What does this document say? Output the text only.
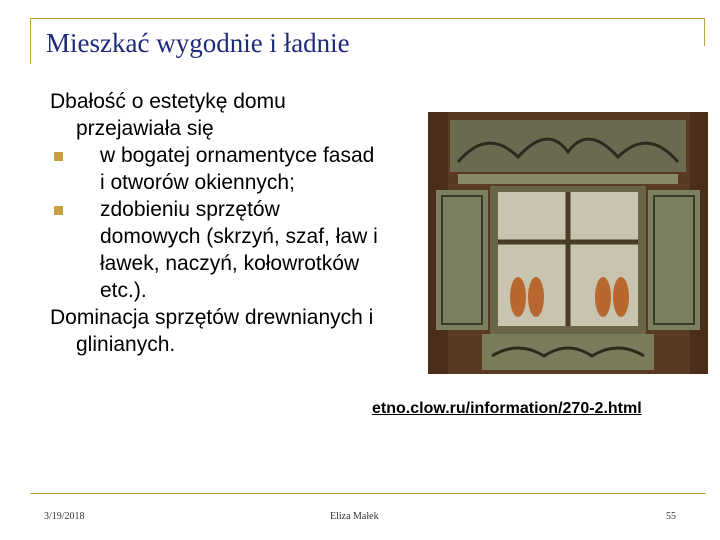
Mieszkać wygodnie i ładnie

Dbałość o estetykę domu przejawiała się

w bogatej ornamentyce fasad i otworów okiennych;
zdobieniu sprzętów domowych (skrzyń, szaf, ław i ławek, naczyń, kołowrotków etc.).

Dominacja sprzętów drewnianych i glinianych.

etno.clow.ru/information/270-2.html
3/19/2018	Eliza Małek	55
